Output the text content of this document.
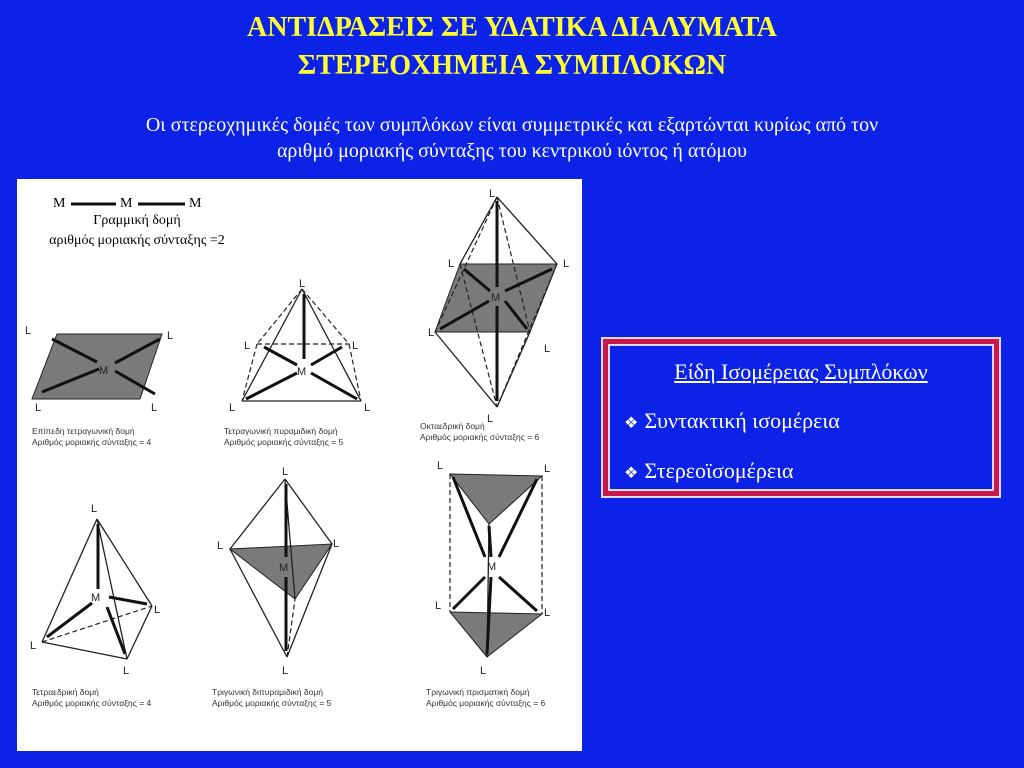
ΑΝΤΙΔΡΑΣΕΙΣ ΣΕ ΥΔΑΤΙΚΑ ΔΙΑΛΥΜΑΤΑ
ΣΤΕΡΕΟΧΗΜΕΙΑ ΣΥΜΠΛΟΚΩΝ
Οι στερεοχημικές δομές των συμπλόκων είναι συμμετρικές και εξαρτώνται κυρίως από τον
αριθμό μοριακής σύνταξης του κεντρικού ιόντος ή ατόμου
L	L
L	L
L
L	L
L	L
L
L	L
L
L
L
L
L
L
L
L
L	L
L
L	L
L
L
L
M	M
M
M
M	M
M	M	M
Γραμμική δομή
αριθμός μοριακής σύνταξης =2
Επίπεδη τετραγωνική δομή
Αριθμός μοριακής σύνταξης = 4
Τετραγωνική πυραμιδική δομή
Αριθμός μοριακής σύνταξης = 5
Οκταεδρική δομή
Αριθμός μοριακής σύνταξης = 6
Τετραεδρική δομή
Αριθμός μοριακής σύνταξης = 4
Τριγωνική διπυραμιδική δομή
Αριθμός μοριακής σύνταξης = 5
Τριγωνική πρισματική δομή
Αριθμός μοριακής σύνταξης = 6
Είδη Ισομέρειας Συμπλόκων
❖ Συντακτική ισομέρεια
❖ Στερεοϊσομέρεια
